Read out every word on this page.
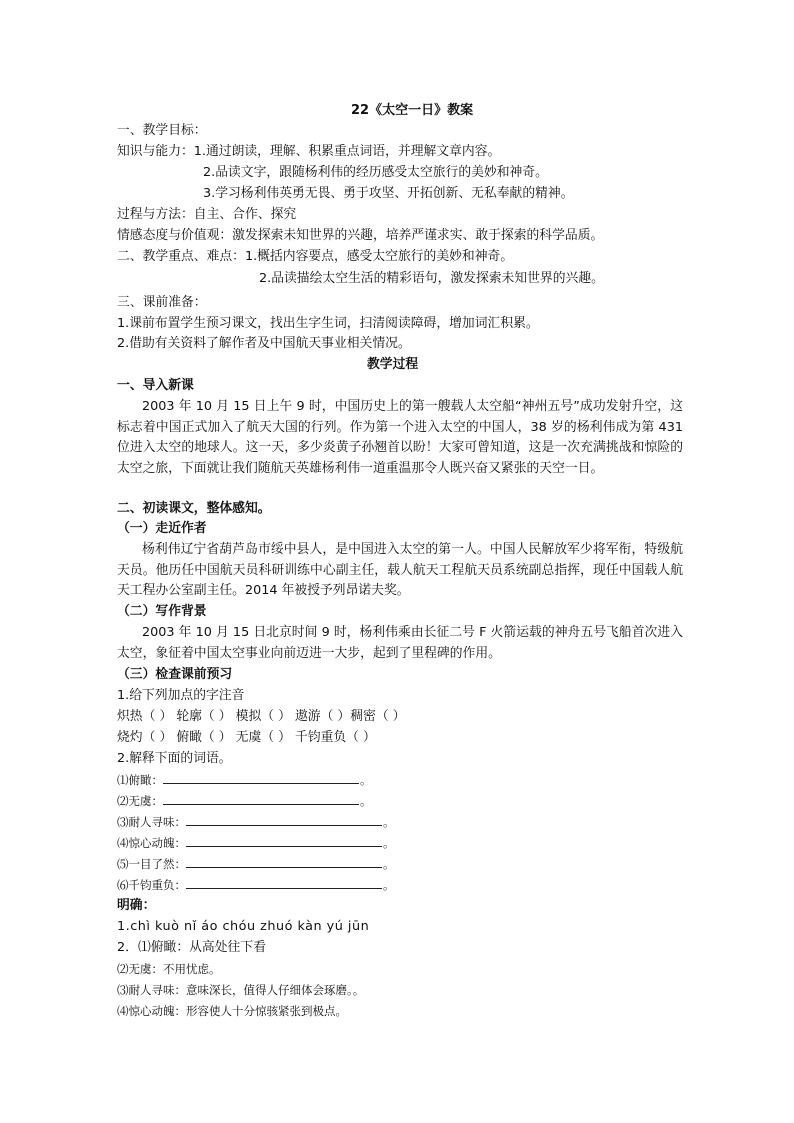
22《太空一日》教案
一、教学目标：
知识与能力：1.通过朗读，理解、积累重点词语，并理解文章内容。
2.品读文字，跟随杨利伟的经历感受太空旅行的美妙和神奇。
3.学习杨利伟英勇无畏、勇于攻坚、开拓创新、无私奉献的精神。
过程与方法：自主、合作、探究
情感态度与价值观：激发探索未知世界的兴趣，培养严谨求实、敢于探索的科学品质。
二、教学重点、难点：1.概括内容要点，感受太空旅行的美妙和神奇。
2.品读描绘太空生活的精彩语句，激发探索未知世界的兴趣。
三、课前准备：
1.课前布置学生预习课文，找出生字生词，扫清阅读障碍，增加词汇积累。
2.借助有关资料了解作者及中国航天事业相关情况。
教学过程
一、导入新课
2003 年 10 月 15 日上午 9 时，中国历史上的第一艘载人太空船“神州五号”成功发射升空，这标志着中国正式加入了航天大国的行列。作为第一个进入太空的中国人，38 岁的杨利伟成为第 431 位进入太空的地球人。这一天，多少炎黄子孙翘首以盼！大家可曾知道，这是一次充满挑战和惊险的太空之旅，下面就让我们随航天英雄杨利伟一道重温那令人既兴奋又紧张的天空一日。
二、初读课文，整体感知。
（一）走近作者
杨利伟辽宁省葫芦岛市绥中县人，是中国进入太空的第一人。中国人民解放军少将军衔，特级航天员。他历任中国航天员科研训练中心副主任，载人航天工程航天员系统副总指挥，现任中国载人航天工程办公室副主任。2014 年被授予列昂诺夫奖。
（二）写作背景
2003 年 10 月 15 日北京时间 9 时，杨利伟乘由长征二号 F 火箭运载的神舟五号飞船首次进入太空，象征着中国太空事业向前迈进一大步，起到了里程碑的作用。
（三）检查课前预习
1.给下列加点的字注音
炽热（ ） 轮廓（ ） 模拟（ ） 遨游（ ）稠密（ ）
烧灼（ ） 俯瞰（ ） 无虞（ ） 千钧重负（ ）
2.解释下面的词语。
⑴俯瞰：	。
⑵无虞：	。
⑶耐人寻味：	。
⑷惊心动魄：	。
⑸一目了然：	。
⑹千钧重负：	。
明确：
1.chì kuò nǐ áo chóu zhuó kàn yú jūn
2．⑴俯瞰：从高处往下看
⑵无虞：不用忧虑。
⑶耐人寻味：意味深长，值得人仔细体会琢磨。。
⑷惊心动魄：形容使人十分惊骇紧张到极点。
